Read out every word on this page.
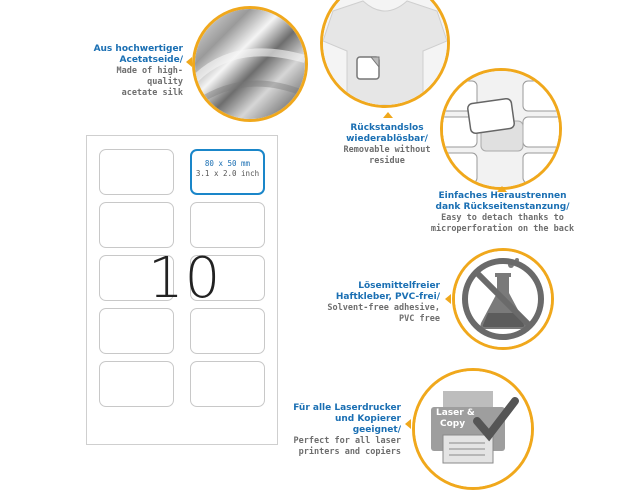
80 x 50 mm
3.1 x 2.0 inch
10
Aus hochwertiger
Acetatseide/
Made of high-quality
acetate silk
Rückstandslos
wiederablösbar/
Removable without
residue
Einfaches Heraustrennen
dank Rückseitenstanzung/
Easy to detach thanks to
microperforation on the back
Lösemittelfreier
Haftkleber, PVC-frei/
Solvent-free adhesive,
PVC free
Laser &
Copy
Für alle Laserdrucker
und Kopierer geeignet/
Perfect for all laser
printers and copiers
